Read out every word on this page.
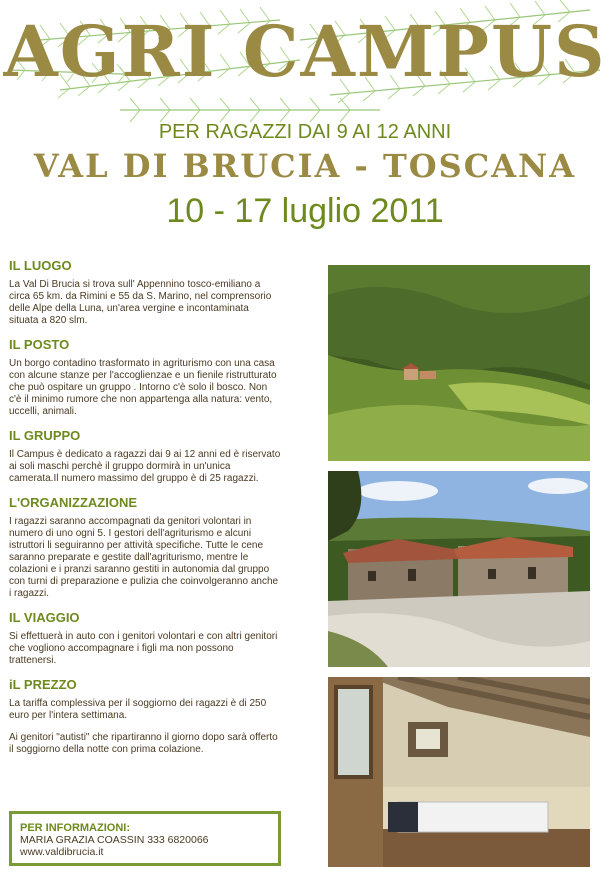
AGRI CAMPUS
PER RAGAZZI DAI 9 AI 12 ANNI
VAL DI BRUCIA - TOSCANA
10 - 17 luglio 2011
IL LUOGO
La Val Di Brucia si trova sull' Appennino tosco-emiliano a circa 65 km. da Rimini e 55 da S. Marino, nel comprensorio delle Alpe della Luna, un'area vergine e incontaminata situata a 820 slm.
IL POSTO
Un borgo contadino trasformato in agriturismo con una casa con alcune stanze per l'accoglienzae e un fienile ristrutturato che può ospitare un gruppo . Intorno c'è solo il bosco. Non c'è il minimo rumore che non appartenga alla natura: vento, uccelli, animali.
IL GRUPPO
Il Campus è dedicato a ragazzi dai 9 ai 12 anni ed è riservato ai soli maschi perchè il gruppo dormirà in un'unica camerata.Il numero massimo del gruppo è di 25 ragazzi.
L'ORGANIZZAZIONE
I ragazzi saranno accompagnati da genitori volontari in numero di uno ogni 5. I gestori dell'agriturismo e alcuni istruttori li seguiranno per attività specifiche. Tutte le cene saranno preparate e gestite dall'agriturismo, mentre le colazioni e i pranzi saranno gestiti in autonomia dal gruppo con turni di preparazione e pulizia che coinvolgeranno anche i ragazzi.
IL VIAGGIO
Si effettuerà in auto con i genitori volontari e con altri genitori che vogliono accompagnare i figli ma non possono trattenersi.
iL PREZZO
La tariffa complessiva per il soggiorno dei ragazzi è di 250 euro per l'intera settimana.
Ai genitori "autisti" che ripartiranno il giorno dopo sarà offerto il soggiorno della notte con prima colazione.
PER INFORMAZIONI:
MARIA GRAZIA COASSIN 333 6820066
www.valdibrucia.it
